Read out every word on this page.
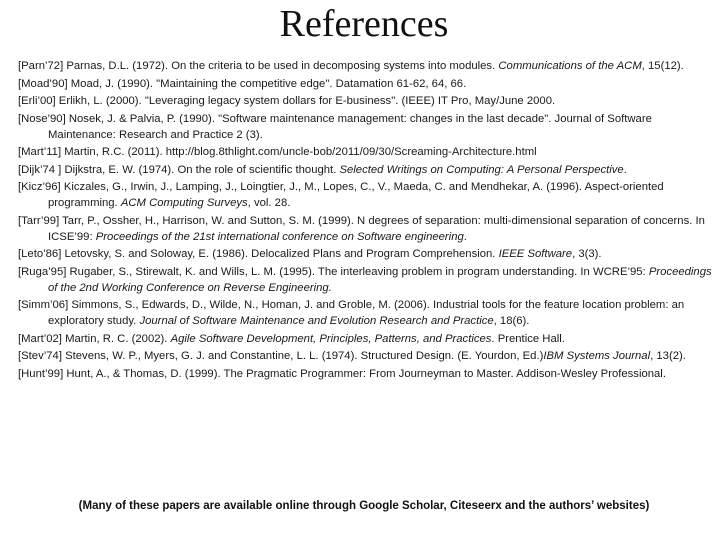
References

[Parn’72] Parnas, D.L. (1972). On the criteria to be used in decomposing systems into modules. Communications of the ACM, 15(12).

[Moad’90] Moad, J. (1990). "Maintaining the competitive edge". Datamation 61-62, 64, 66.

[Erli’00] Erlikh, L. (2000). "Leveraging legacy system dollars for E-business". (IEEE) IT Pro, May/June 2000.

[Nose’90] Nosek, J. & Palvia, P. (1990). "Software maintenance management: changes in the last decade". Journal of Software Maintenance: Research and Practice 2 (3).

[Mart’11] Martin, R.C. (2011). http://blog.8thlight.com/uncle-bob/2011/09/30/Screaming-Architecture.html

[Dijk’74 ] Dijkstra, E. W. (1974). On the role of scientific thought. Selected Writings on Computing: A Personal Perspective.

[Kicz’96] Kiczales, G., Irwin, J., Lamping, J., Loingtier, J., M., Lopes, C., V., Maeda, C. and Mendhekar, A. (1996). Aspect-oriented programming. ACM Computing Surveys, vol. 28.

[Tarr’99] Tarr, P., Ossher, H., Harrison, W. and Sutton, S. M. (1999). N degrees of separation: multi-dimensional separation of concerns. In ICSE’99: Proceedings of the 21st international conference on Software engineering.

[Leto’86] Letovsky, S. and Soloway, E. (1986). Delocalized Plans and Program Comprehension. IEEE Software, 3(3).

[Ruga’95] Rugaber, S., Stirewalt, K. and Wills, L. M. (1995). The interleaving problem in program understanding. In WCRE’95: Proceedings of the 2nd Working Conference on Reverse Engineering.

[Simm’06] Simmons, S., Edwards, D., Wilde, N., Homan, J. and Groble, M. (2006). Industrial tools for the feature location problem: an exploratory study. Journal of Software Maintenance and Evolution Research and Practice, 18(6).

[Mart’02] Martin, R. C. (2002). Agile Software Development, Principles, Patterns, and Practices. Prentice Hall.

[Stev’74] Stevens, W. P., Myers, G. J. and Constantine, L. L. (1974). Structured Design. (E. Yourdon, Ed.)IBM Systems Journal, 13(2).

[Hunt’99] Hunt, A., & Thomas, D. (1999). The Pragmatic Programmer: From Journeyman to Master. Addison-Wesley Professional.

(Many of these papers are available online through Google Scholar, Citeseerx and the authors’ websites)
